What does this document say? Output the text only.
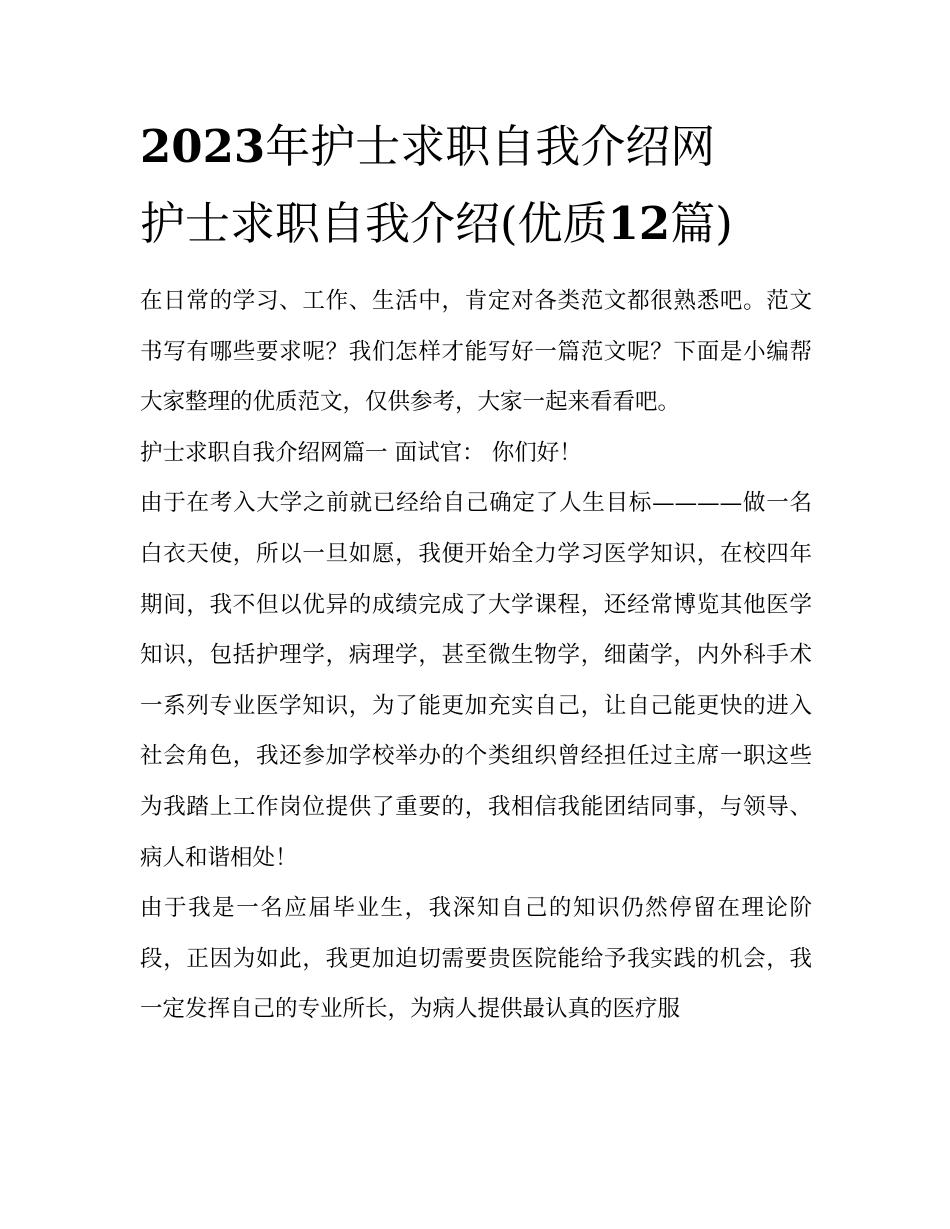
2023年护士求职自我介绍网
护士求职自我介绍(优质12篇)

在日常的学习、工作、生活中，肯定对各类范文都很熟悉吧。范文书写有哪些要求呢？我们怎样才能写好一篇范文呢？下面是小编帮大家整理的优质范文，仅供参考，大家一起来看看吧。

护士求职自我介绍网篇一 面试官： 你们好！

由于在考入大学之前就已经给自己确定了人生目标————做一名白衣天使，所以一旦如愿，我便开始全力学习医学知识，在校四年期间，我不但以优异的成绩完成了大学课程，还经常博览其他医学知识，包括护理学，病理学，甚至微生物学，细菌学，内外科手术一系列专业医学知识，为了能更加充实自己，让自己能更快的进入社会角色，我还参加学校举办的个类组织曾经担任过主席一职这些为我踏上工作岗位提供了重要的，我相信我能团结同事，与领导、病人和谐相处！

由于我是一名应届毕业生，我深知自己的知识仍然停留在理论阶段，正因为如此，我更加迫切需要贵医院能给予我实践的机会，我一定发挥自己的专业所长，为病人提供最认真的医疗服
